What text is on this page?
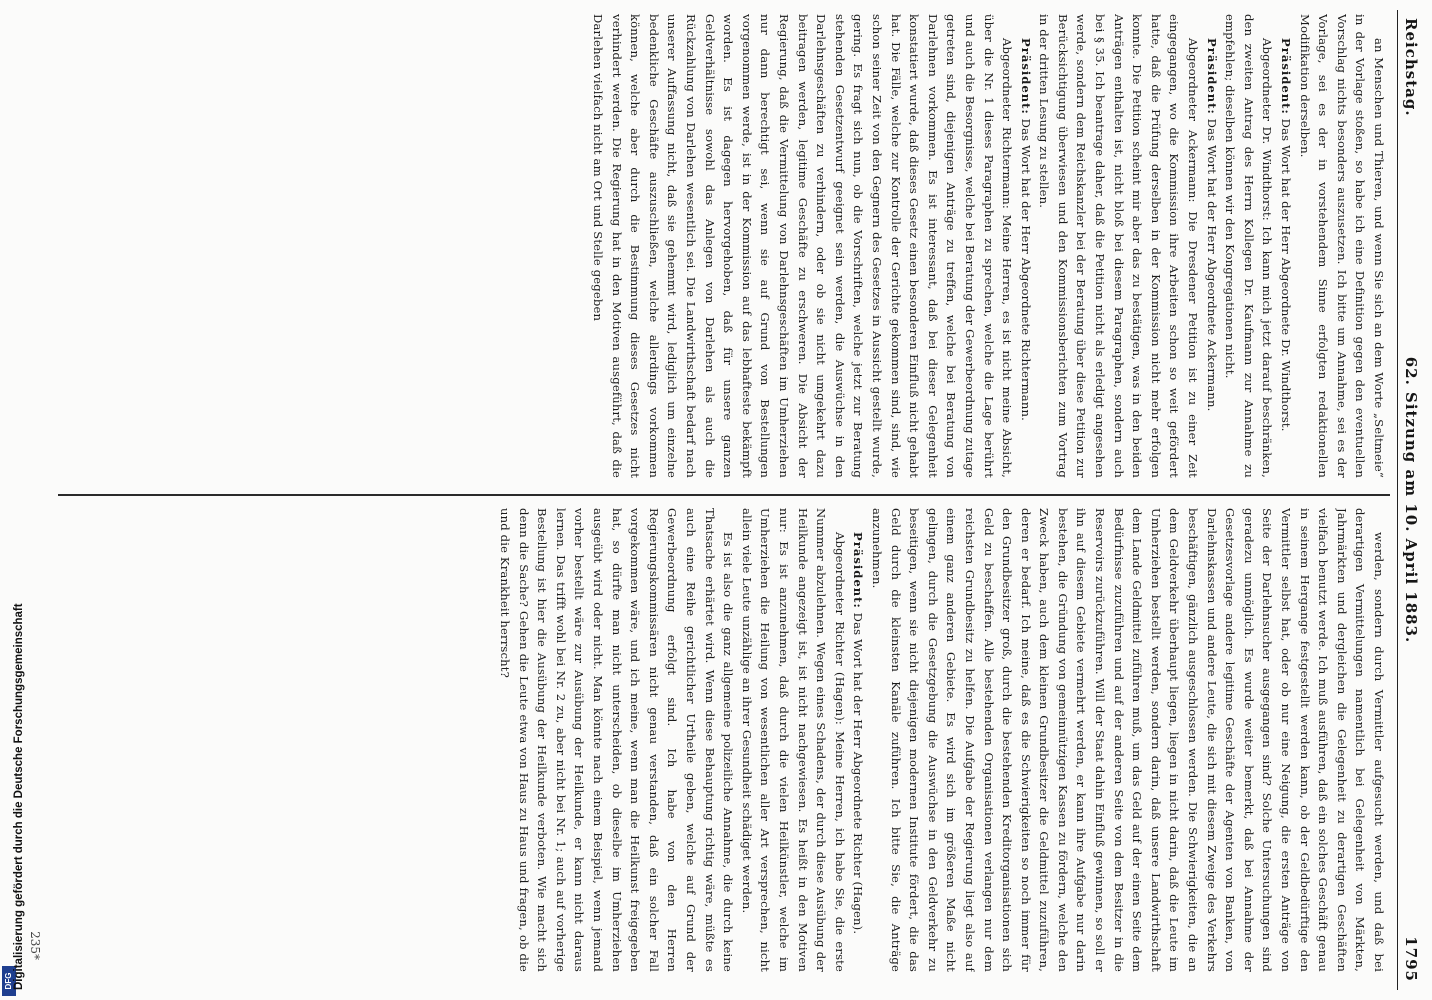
Reichstag.
62. Sitzung am 10. April 1883.
1795

an Menschen und Thieren, und wenn Sie sich an dem Worte „Seltmeie“ in der Vorlage stoßen, so habe ich eine Definition gegen den eventuellen Vorschlag nichts besonders auszusetzen. Ich bitte um Annahme, sei es der Vorlage, sei es der in vorstehendem Sinne erfolgten redaktionellen Modifikation derselben.

Präsident: Das Wort hat der Herr Abgeordnete Dr. Windthorst.

Abgeordneter Dr. Windthorst: Ich kann mich jetzt darauf beschränken, den zweiten Antrag des Herrn Kollegen Dr. Kaufmann zur Annahme zu empfehlen; dieselben können wir den Kongregationen nicht.

Präsident: Das Wort hat der Herr Abgeordnete Ackermann.

Abgeordneter Ackermann: Die Dresdener Petition ist zu einer Zeit eingegangen, wo die Kommission ihre Arbeiten schon so weit gefördert hatte, daß die Prüfung derselben in der Kommission nicht mehr erfolgen konnte. Die Petition scheint mir aber das zu bestätigen, was in den beiden Anträgen enthalten ist, nicht bloß bei diesem Paragraphen, sondern auch bei § 35. Ich beantrage daher, daß die Petition nicht als erledigt angesehen werde, sondern dem Reichskanzler bei der Beratung über diese Petition zur Berücksichtigung überwiesen und den Kommissionsberichten zum Vortrag in der dritten Lesung zu stellen.

Präsident: Das Wort hat der Herr Abgeordnete Richtermann.

Abgeordneter Richtermann: Meine Herren, es ist nicht meine Absicht, über die Nr. 1 dieses Paragraphen zu sprechen, welche die Lage berührt und auch die Besorgnisse, welche bei Beratung der Gewerbeordnung zutage getreten sind, diejenigen Anträge zu treffen, welche bei Beratung von Darlehnen vorkommen. Es ist interessant, daß bei dieser Gelegenheit konstatiert wurde, daß dieses Gesetz einen besonderen Einfluß nicht gehabt hat. Die Fälle, welche zur Kontrolle der Gerichte gekommen sind, sind, wie schon seiner Zeit von den Gegnern des Gesetzes in Aussicht gestellt wurde, gering. Es fragt sich nun, ob die Vorschriften, welche jetzt zur Beratung stehenden Gesetzentwurf geeignet sein werden, die Auswüchse in den Darlehnsgeschäften zu verhindern, oder ob sie nicht umgekehrt dazu beitragen werden, legitime Geschäfte zu erschweren. Die Absicht der Regierung, daß die Vermittelung von Darlehnsgeschäften im Umherziehen nur dann berechtigt sei, wenn sie auf Grund von Bestellungen vorgenommen werde, ist in der Kommission auf das lebhafteste bekämpft worden. Es ist dagegen hervorgehoben, daß für unsere ganzen Geldverhältnisse sowohl das Anlegen von Darlehen als auch die Rückzahlung von Darlehen wesentlich sei. Die Landwirthschaft bedarf nach unserer Auffassung nicht, daß sie gehemmt wird, lediglich um einzelne bedenkliche Geschäfte auszuschließen, welche allerdings vorkommen können, welche aber durch die Bestimmung dieses Gesetzes nicht verhindert werden. Die Regierung hat in den Motiven ausgeführt, daß die Darlehen vielfach nicht am Ort und Stelle gegeben

werden, sondern durch Vermittler aufgesucht werden, und daß bei derartigen Vermittelungen namentlich bei Gelegenheit von Märkten, Jahrmärkten und dergleichen die Gelegenheit zu derartigen Geschäften vielfach benutzt werde. Ich muß ausführen, daß ein solches Geschäft genau in seinem Hergange festgestellt werden kann, ob der Geldbedürftige den Vermittler selbst hat, oder ob nur eine Neigung, die ersten Anträge von Seite der Darlehnsucher ausgegangen sind? Solche Untersuchungen sind geradezu unmöglich. Es wurde weiter bemerkt, daß bei Annahme der Gesetzesvorlage andere legitime Geschäfte der Agenten von Banken, von Darlehnskassen und andere Leute, die sich mit diesem Zweige des Verkehrs beschäftigen, gänzlich ausgeschlossen werden. Die Schwierigkeiten, die an dem Geldverkehr überhaupt liegen, liegen in nicht darin, daß die Leute im Umherziehen bestellt werden, sondern darin, daß unsere Landwirthschaft dem Lande Geldmittel zuführen muß, um das Geld auf der einen Seite dem Bedürfnisse zuzuführen und auf der anderen Seite von dem Besitzer in die Reservoirs zurückzuführen. Will der Staat dahin Einfluß gewinnen, so soll er ihn auf diesem Gebiete vermehrt werden, er kann ihre Aufgabe nur darin bestehen, die Gründung von gemeinnützigen Kassen zu fördern, welche den Zweck haben, auch dem kleinen Grundbesitzer die Geldmittel zuzuführen, deren er bedarf. Ich meine, daß es die Schwierigkeiten so noch immer für den Grundbesitzer groß, durch die bestehenden Kreditorganisationen sich Geld zu beschaffen. Alle bestehenden Organisationen verlangen nur dem reichsten Grundbesitz zu helfen. Die Aufgabe der Regierung liegt also auf einem ganz anderen Gebiete. Es wird sich im größeren Maße nicht gelingen, durch die Gesetzgebung die Auswüchse in den Geldverkehr zu beseitigen, wenn sie nicht diejenigen modernen Institute fördert, die das Geld durch die kleinsten Kanäle zuführen. Ich bitte Sie, die Anträge anzunehmen.

Präsident: Das Wort hat der Herr Abgeordnete Richter (Hagen).

Abgeordneter Richter (Hagen): Meine Herren, ich habe Sie, die erste Nummer abzulehnen. Wegen eines Schadens, der durch diese Ausübung der Heilkunde angezeigt ist, ist nicht nachgewiesen. Es heißt in den Motiven nur: Es ist anzunehmen, daß durch die vielen Heilkünstler, welche im Umherziehen die Heilung von wesentlichen aller Art versprechen, nicht allein viele Leute unzählige an ihrer Gesundheit schädiget werden.

Es ist also die ganz allgemeine polizeiliche Annahme, die durch keine Thatsache erhärtet wird. Wenn diese Behauptung richtig wäre, müßte es auch eine Reihe gerichtlicher Urtheile geben, welche auf Grund der Gewerbeordnung erfolgt sind. Ich habe von den Herren Regierungskommissären nicht genau verstanden, daß ein solcher Fall vorgekommen wäre, und ich meine, wenn man die Heilkunst freigegeben hat, so dürfte man nicht unterscheiden, ob dieselbe im Umherziehen ausgeübt wird oder nicht. Man könnte nach einem Beispiel, wenn jemand vorher bestellt wäre zur Ausübung der Heilkunde, er kann nicht daraus lernen. Das trifft wohl bei Nr. 2 zu, aber nicht bei Nr. 1; auch auf vorherige Bestellung ist hier die Ausübung der Heilkunde verboten. Wie macht sich denn die Sache? Gehen die Leute etwa von Haus zu Haus und fragen, ob die und die Krankheit herrscht?

235*
DFG Digitalisierung gefördert durch die Deutsche Forschungsgemeinschaft
